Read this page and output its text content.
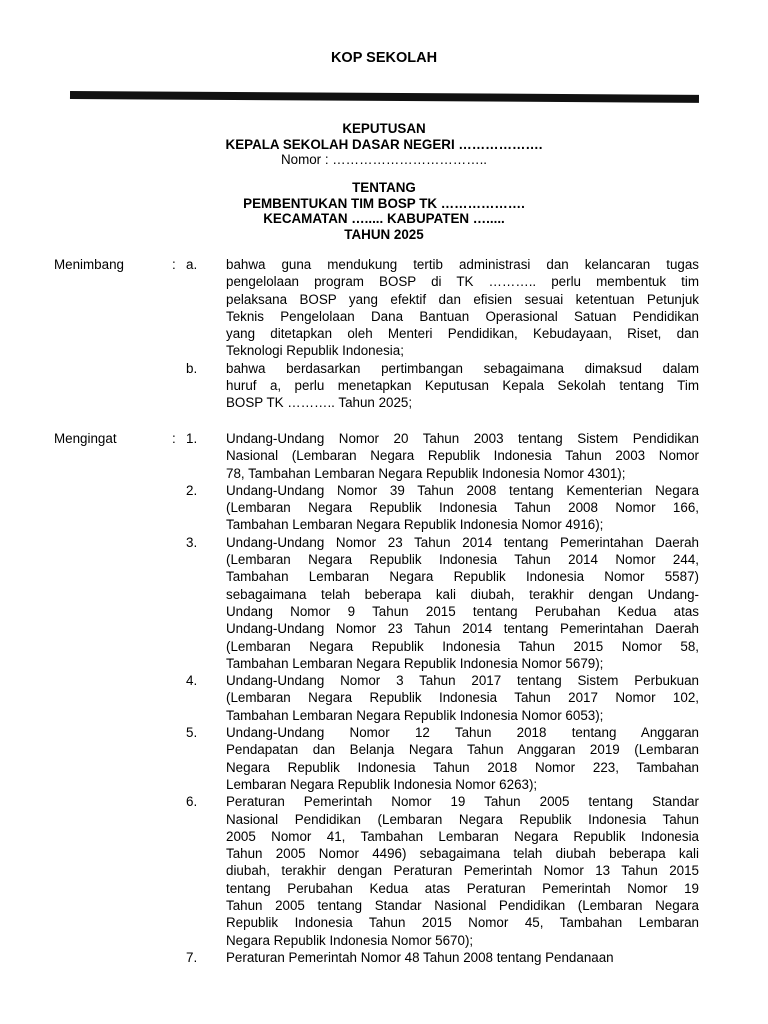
KOP SEKOLAH
KEPUTUSAN
KEPALA SEKOLAH DASAR NEGERI ……………….
Nomor : ……………………………..
TENTANG
PEMBENTUKAN TIM BOSP TK ……………….
KECAMATAN …..... KABUPATEN ….....
TAHUN 2025
Menimbang	: a.	bahwa guna mendukung tertib administrasi dan kelancaran tugas
pengelolaan program BOSP di TK ……….. perlu membentuk tim
pelaksana BOSP yang efektif dan efisien sesuai ketentuan Petunjuk
Teknis Pengelolaan Dana Bantuan Operasional Satuan Pendidikan
yang ditetapkan oleh Menteri Pendidikan, Kebudayaan, Riset, dan
Teknologi Republik Indonesia;
b.	bahwa berdasarkan pertimbangan sebagaimana dimaksud dalam
huruf a, perlu menetapkan Keputusan Kepala Sekolah tentang Tim
BOSP TK ……….. Tahun 2025;
Mengingat	: 1.	Undang-Undang Nomor 20 Tahun 2003 tentang Sistem Pendidikan
Nasional (Lembaran Negara Republik Indonesia Tahun 2003 Nomor
78, Tambahan Lembaran Negara Republik Indonesia Nomor 4301);
2.	Undang-Undang Nomor 39 Tahun 2008 tentang Kementerian Negara
(Lembaran Negara Republik Indonesia Tahun 2008 Nomor 166,
Tambahan Lembaran Negara Republik Indonesia Nomor 4916);
3.	Undang-Undang Nomor 23 Tahun 2014 tentang Pemerintahan Daerah
(Lembaran Negara Republik Indonesia Tahun 2014 Nomor 244,
Tambahan Lembaran Negara Republik Indonesia Nomor 5587)
sebagaimana telah beberapa kali diubah, terakhir dengan Undang-
Undang Nomor 9 Tahun 2015 tentang Perubahan Kedua atas
Undang-Undang Nomor 23 Tahun 2014 tentang Pemerintahan Daerah
(Lembaran Negara Republik Indonesia Tahun 2015 Nomor 58,
Tambahan Lembaran Negara Republik Indonesia Nomor 5679);
4.	Undang-Undang Nomor 3 Tahun 2017 tentang Sistem Perbukuan
(Lembaran Negara Republik Indonesia Tahun 2017 Nomor 102,
Tambahan Lembaran Negara Republik Indonesia Nomor 6053);
5.	Undang-Undang Nomor 12 Tahun 2018 tentang Anggaran
Pendapatan dan Belanja Negara Tahun Anggaran 2019 (Lembaran
Negara Republik Indonesia Tahun 2018 Nomor 223, Tambahan
Lembaran Negara Republik Indonesia Nomor 6263);
6.	Peraturan Pemerintah Nomor 19 Tahun 2005 tentang Standar
Nasional Pendidikan (Lembaran Negara Republik Indonesia Tahun
2005 Nomor 41, Tambahan Lembaran Negara Republik Indonesia
Tahun 2005 Nomor 4496) sebagaimana telah diubah beberapa kali
diubah, terakhir dengan Peraturan Pemerintah Nomor 13 Tahun 2015
tentang Perubahan Kedua atas Peraturan Pemerintah Nomor 19
Tahun 2005 tentang Standar Nasional Pendidikan (Lembaran Negara
Republik Indonesia Tahun 2015 Nomor 45, Tambahan Lembaran
Negara Republik Indonesia Nomor 5670);
7.	Peraturan Pemerintah Nomor 48 Tahun 2008 tentang Pendanaan
